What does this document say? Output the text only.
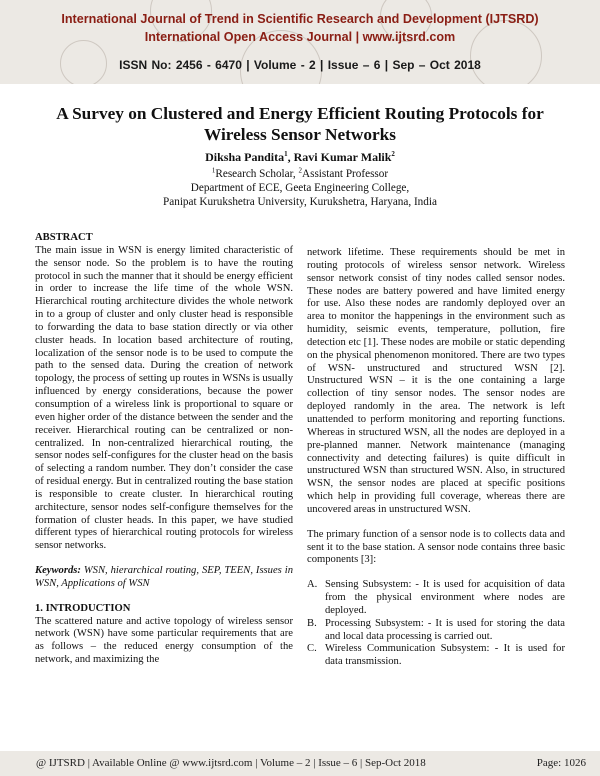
International Journal of Trend in Scientific Research and Development (IJTSRD)
International Open Access Journal | www.ijtsrd.com
ISSN No: 2456 - 6470 | Volume - 2 | Issue – 6 | Sep – Oct 2018
A Survey on Clustered and Energy Efficient Routing Protocols for
Wireless Sensor Networks
Diksha Pandita$^1$, Ravi Kumar Malik$^2$
$^1$Research Scholar, $^2$Assistant Professor
Department of ECE, Geeta Engineering College,
Panipat Kurukshetra University, Kurukshetra, Haryana, India

ABSTRACT

The main issue in WSN is energy limited characteristic of the sensor node. So the problem is to have the routing protocol in such the manner that it should be energy efficient in order to increase the life time of the whole WSN. Hierarchical routing architecture divides the whole network in to a group of cluster and only cluster head is responsible to forwarding the data to base station directly or via other cluster heads. In location based architecture of routing, localization of the sensor node is to be used to compute the path to the sensed data. During the creation of network topology, the process of setting up routes in WSNs is usually influenced by energy considerations, because the power consumption of a wireless link is proportional to square or even higher order of the distance between the sender and the receiver. Hierarchical routing can be centralized or non- centralized. In non-centralized hierarchical routing, the sensor nodes self-configures for the cluster head on the basis of selecting a random number. They don’t consider the case of residual energy. But in centralized routing the base station is responsible to create cluster. In hierarchical routing architecture, sensor nodes self-configure themselves for the formation of cluster heads. In this paper, we have studied different types of hierarchical routing protocols for wireless sensor networks.

Keywords: WSN, hierarchical routing, SEP, TEEN, Issues in WSN, Applications of WSN

1. INTRODUCTION

The scattered nature and active topology of wireless sensor network (WSN) have some particular requirements that are as follows – the reduced energy consumption of the network, and maximizing the

network lifetime. These requirements should be met in routing protocols of wireless sensor network. Wireless sensor network consist of tiny nodes called sensor nodes. These nodes are battery powered and have limited energy for use. Also these nodes are randomly deployed over an area to monitor the happenings in the environment such as humidity, seismic events, temperature, pollution, fire detection etc [1]. These nodes are mobile or static depending on the physical phenomenon monitored. There are two types of WSN- unstructured and structured WSN [2]. Unstructured WSN – it is the one containing a large collection of tiny sensor nodes. The sensor nodes are deployed randomly in the area. The network is left unattended to perform monitoring and reporting functions. Whereas in structured WSN, all the nodes are deployed in a pre-planned manner. Network maintenance (managing connectivity and detecting failures) is quite difficult in unstructured WSN than structured WSN. Also, in structured WSN, the sensor nodes are placed at specific positions which help in providing full coverage, whereas there are uncovered areas in unstructured WSN.

The primary function of a sensor node is to collects data and sent it to the base station. A sensor node contains three basic components [3]:

A. Sensing Subsystem: - It is used for acquisition of data from the physical environment where nodes are deployed.
B. Processing Subsystem: - It is used for storing the data and local data processing is carried out.
C. Wireless Communication Subsystem: - It is used for data transmission.
@ IJTSRD | Available Online @ www.ijtsrd.com | Volume – 2 | Issue – 6 | Sep-Oct 2018	Page: 1026
